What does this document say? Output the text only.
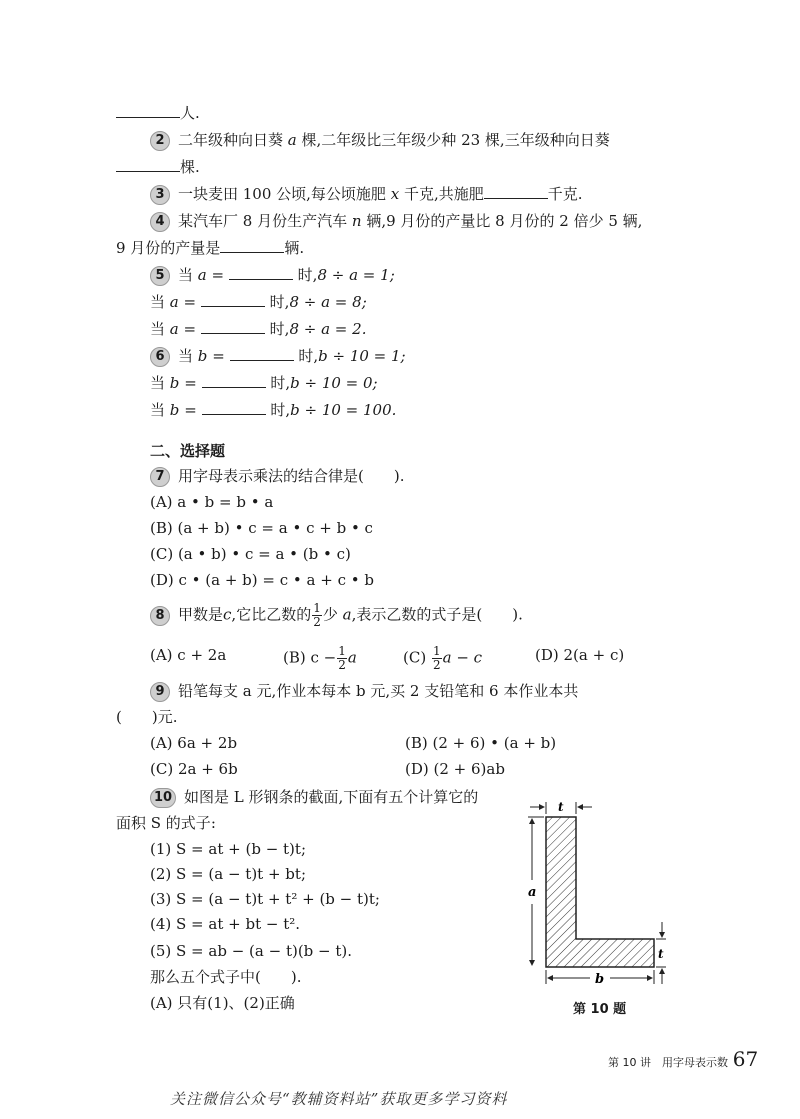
人.
2 二年级种向日葵 a 棵,二年级比三年级少种 23 棵,三年级种向日葵
棵.
3 一块麦田 100 公顷,每公顷施肥 x 千克,共施肥	千克.
4 某汽车厂 8 月份生产汽车 n 辆,9 月份的产量比 8 月份的 2 倍少 5 辆,
9 月份的产量是	辆.
5 当 a =	时,8 ÷ a = 1;
当 a =	时,8 ÷ a = 8;
当 a =	时,8 ÷ a = 2.
6 当 b =	时,b ÷ 10 = 1;
当 b =	时,b ÷ 10 = 0;
当 b =	时,b ÷ 10 = 100.
二、选择题
7 用字母表示乘法的结合律是(　　).
(A) a • b = b • a
(B) (a + b) • c = a • c + b • c
(C) (a • b) • c = a • (b • c)
(D) c • (a + b) = c • a + c • b
8 甲数是c,它比乙数的 $\frac{1}{2}$ 少 a,表示乙数的式子是(　　).
(A) c + 2a	(B) $c - \frac{1}{2}$ a	$(C) \frac{1}{2}$ a − c	(D) 2(a + c)
9 铅笔每支 a 元,作业本每本 b 元,买 2 支铅笔和 6 本作业本共
(　　)元.
(A) 6a + 2b	(B) (2 + 6) • (a + b)
(C) 2a + 6b	(D) (2 + 6)ab
10 如图是 L 形钢条的截面,下面有五个计算它的
面积 S 的式子:
(1) S = at + (b − t)t;
(2) S = (a − t)t + bt;
(3) S = (a − t)t + t² + (b − t)t;
(4) S = at + bt − t².
(5) S = ab − (a − t)(b − t).
那么五个式子中(　　).
(A) 只有(1)、(2)正确
t
a
t
b
第 10 题
第 10 讲　用字母表示数 67
关注微信公众号“教辅资料站”获取更多学习资料
